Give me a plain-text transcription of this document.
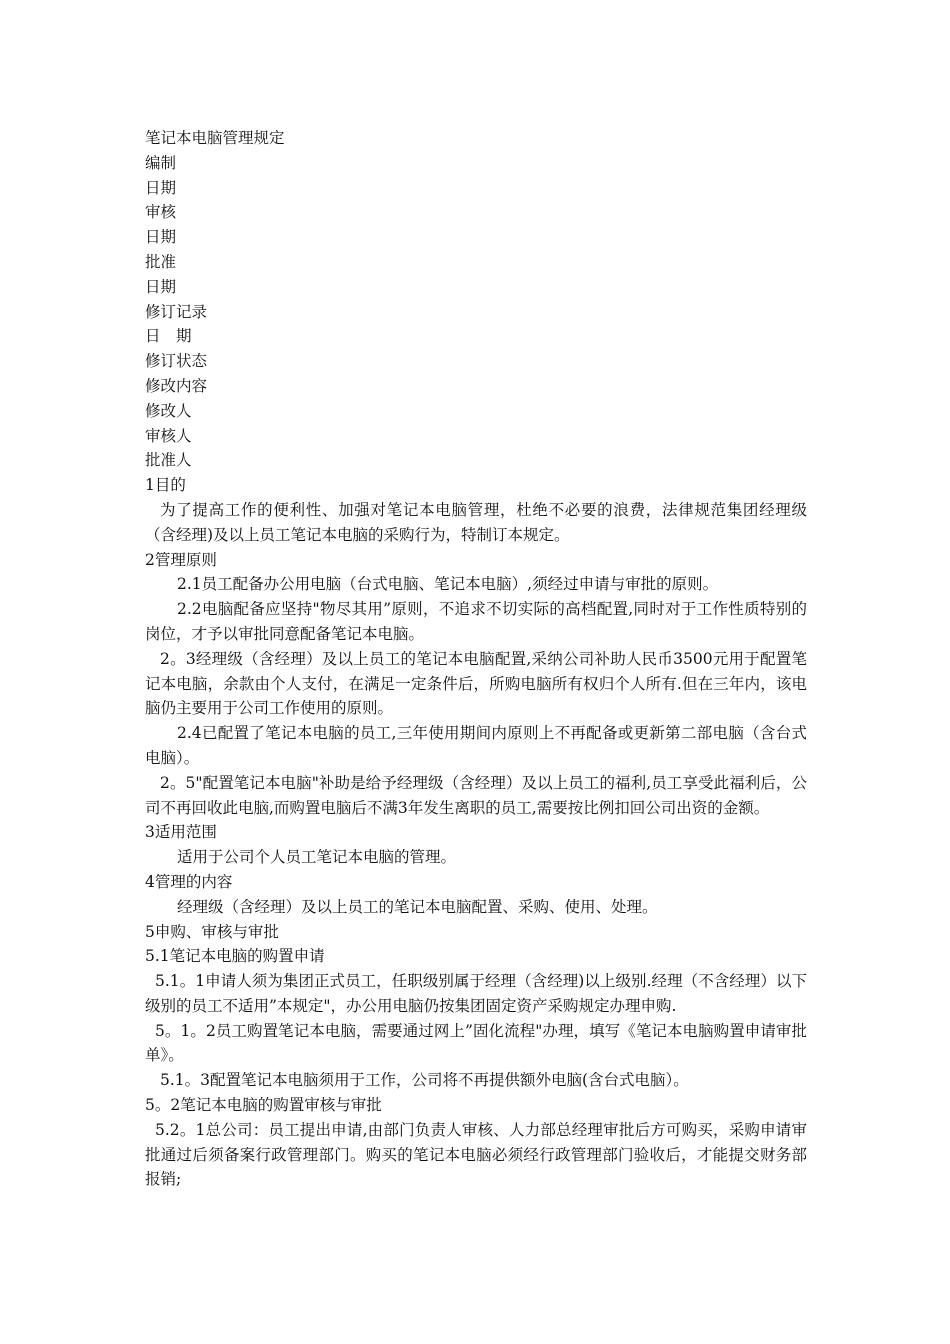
笔记本电脑管理规定

编制

日期

审核

日期

批准

日期

修订记录

日　期

修订状态

修改内容

修改人

审核人

批准人

1目的

为了提高工作的便利性、加强对笔记本电脑管理，杜绝不必要的浪费，法律规范集团经理级（含经理)及以上员工笔记本电脑的采购行为，特制订本规定。

2管理原则

2.1员工配备办公用电脑（台式电脑、笔记本电脑）,须经过申请与审批的原则。

2.2电脑配备应坚持"物尽其用”原则，不追求不切实际的高档配置,同时对于工作性质特别的岗位，才予以审批同意配备笔记本电脑。

2。3经理级（含经理）及以上员工的笔记本电脑配置,采纳公司补助人民币3500元用于配置笔记本电脑，余款由个人支付，在满足一定条件后，所购电脑所有权归个人所有.但在三年内，该电脑仍主要用于公司工作使用的原则。

2.4已配置了笔记本电脑的员工,三年使用期间内原则上不再配备或更新第二部电脑（含台式电脑）。

2。5"配置笔记本电脑"补助是给予经理级（含经理）及以上员工的福利,员工享受此福利后，公司不再回收此电脑,而购置电脑后不满3年发生离职的员工,需要按比例扣回公司出资的金额。

3适用范围

适用于公司个人员工笔记本电脑的管理。

4管理的内容

经理级（含经理）及以上员工的笔记本电脑配置、采购、使用、处理。

5申购、审核与审批

5.1笔记本电脑的购置申请

5.1。1申请人须为集团正式员工，任职级别属于经理（含经理)以上级别.经理（不含经理）以下级别的员工不适用”本规定"，办公用电脑仍按集团固定资产采购规定办理申购.

5。1。2员工购置笔记本电脑，需要通过网上”固化流程"办理，填写《笔记本电脑购置申请审批单》。

5.1。3配置笔记本电脑须用于工作，公司将不再提供额外电脑(含台式电脑）。

5。2笔记本电脑的购置审核与审批

5.2。1总公司：员工提出申请,由部门负责人审核、人力部总经理审批后方可购买，采购申请审批通过后须备案行政管理部门。购买的笔记本电脑必须经行政管理部门验收后，才能提交财务部报销;
